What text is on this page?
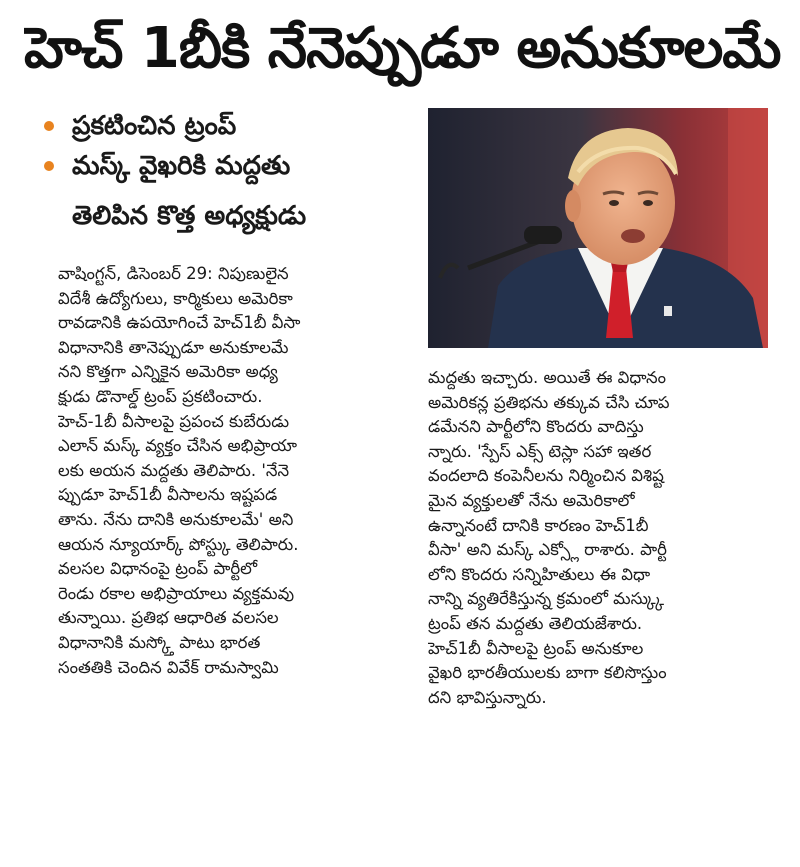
హెచ్ 1బీకి నేనెప్పుడూ అనుకూలమే
ప్రకటించిన ట్రంప్
మస్క్ వైఖరికి మద్దతు
తెలిపిన కొత్త అధ్యక్షుడు
వాషింగ్టన్, డిసెంబర్ 29: నిపుణులైన
విదేశీ ఉద్యోగులు, కార్మికులు అమెరికా
రావడానికి ఉపయోగించే హెచ్1బీ వీసా
విధానానికి తానెప్పుడూ అనుకూలమే
నని కొత్తగా ఎన్నికైన అమెరికా అధ్య
క్షుడు డొనాల్డ్ ట్రంప్ ప్రకటించారు.
హెచ్-1బీ వీసాలపై ప్రపంచ కుబేరుడు
ఎలాన్ మస్క్ వ్యక్తం చేసిన అభిప్రాయా
లకు అయన మద్దతు తెలిపారు. 'నేనె
ప్పుడూ హెచ్1బీ వీసాలను ఇష్టపడ
తాను. నేను దానికి అనుకూలమే' అని
ఆయన న్యూయార్క్ పోస్ట్కు తెలిపారు.
వలసల విధానంపై ట్రంప్ పార్టీలో
రెండు రకాల అభిప్రాయాలు వ్యక్తమవు
తున్నాయి. ప్రతిభ ఆధారిత వలసల
విధానానికి మస్క్తో పాటు భారత
సంతతికి చెందిన వివేక్ రామస్వామి
మద్దతు ఇచ్చారు. అయితే ఈ విధానం
అమెరికన్ల ప్రతిభను తక్కువ చేసి చూప
డమేనని పార్టీలోని కొందరు వాదిస్తు
న్నారు. 'స్పేస్ ఎక్స్ టెస్లా సహా ఇతర
వందలాది కంపెనీలను నిర్మించిన విశిష్ట
మైన వ్యక్తులతో నేను అమెరికాలో
ఉన్నానంటే దానికి కారణం హెచ్1బీ
వీసా' అని మస్క్ ఎక్స్లో రాశారు. పార్టీ
లోని కొందరు సన్నిహితులు ఈ విధా
నాన్ని వ్యతిరేకిస్తున్న క్రమంలో మస్క్కు
ట్రంప్ తన మద్దతు తెలియజేశారు.
హెచ్1బీ వీసాలపై ట్రంప్ అనుకూల
వైఖరి భారతీయులకు బాగా కలిసొస్తుం
దని భావిస్తున్నారు.
